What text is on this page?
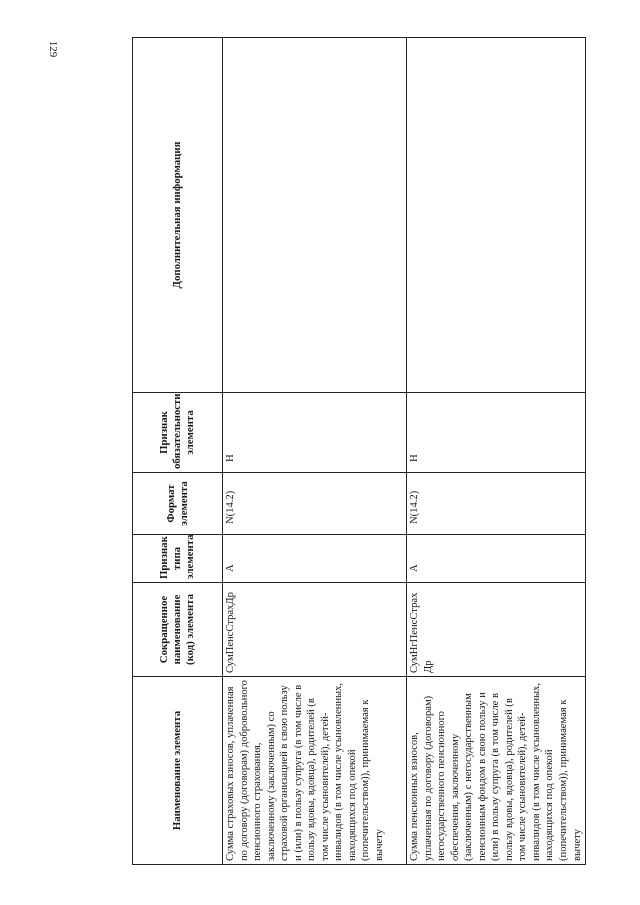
129
Наименование элемента	Сокращенное наименование (код) элемента	Признак типа элемента	Формат элемента	Признак обязательности элемента	Дополнительная информация
Сумма страховых взносов, уплаченная по договору (договорам) добровольного пенсионного страхования, заключенному (заключенным) со страховой организацией в свою пользу и (или) в пользу супруга (в том числе в пользу вдовы, вдовца), родителей (в том числе усыновителей), детей-инвалидов (в том числе усыновленных, находящихся под опекой (попечительством)), принимаемая к вычету	СумПенсСтрахДр	А	N(14.2)	Н	
Сумма пенсионных взносов, уплаченная по договору (договорам) негосударственного пенсионного обеспечения, заключенному (заключенным) с негосударственным пенсионным фондом в свою пользу и (или) в пользу супруга (в том числе в пользу вдовы, вдовца), родителей (в том числе усыновителей), детей-инвалидов (в том числе усыновленных, находящихся под опекой (попечительством)), принимаемая к вычету	СумНгПенсСтрахДр	А	N(14.2)	Н	
